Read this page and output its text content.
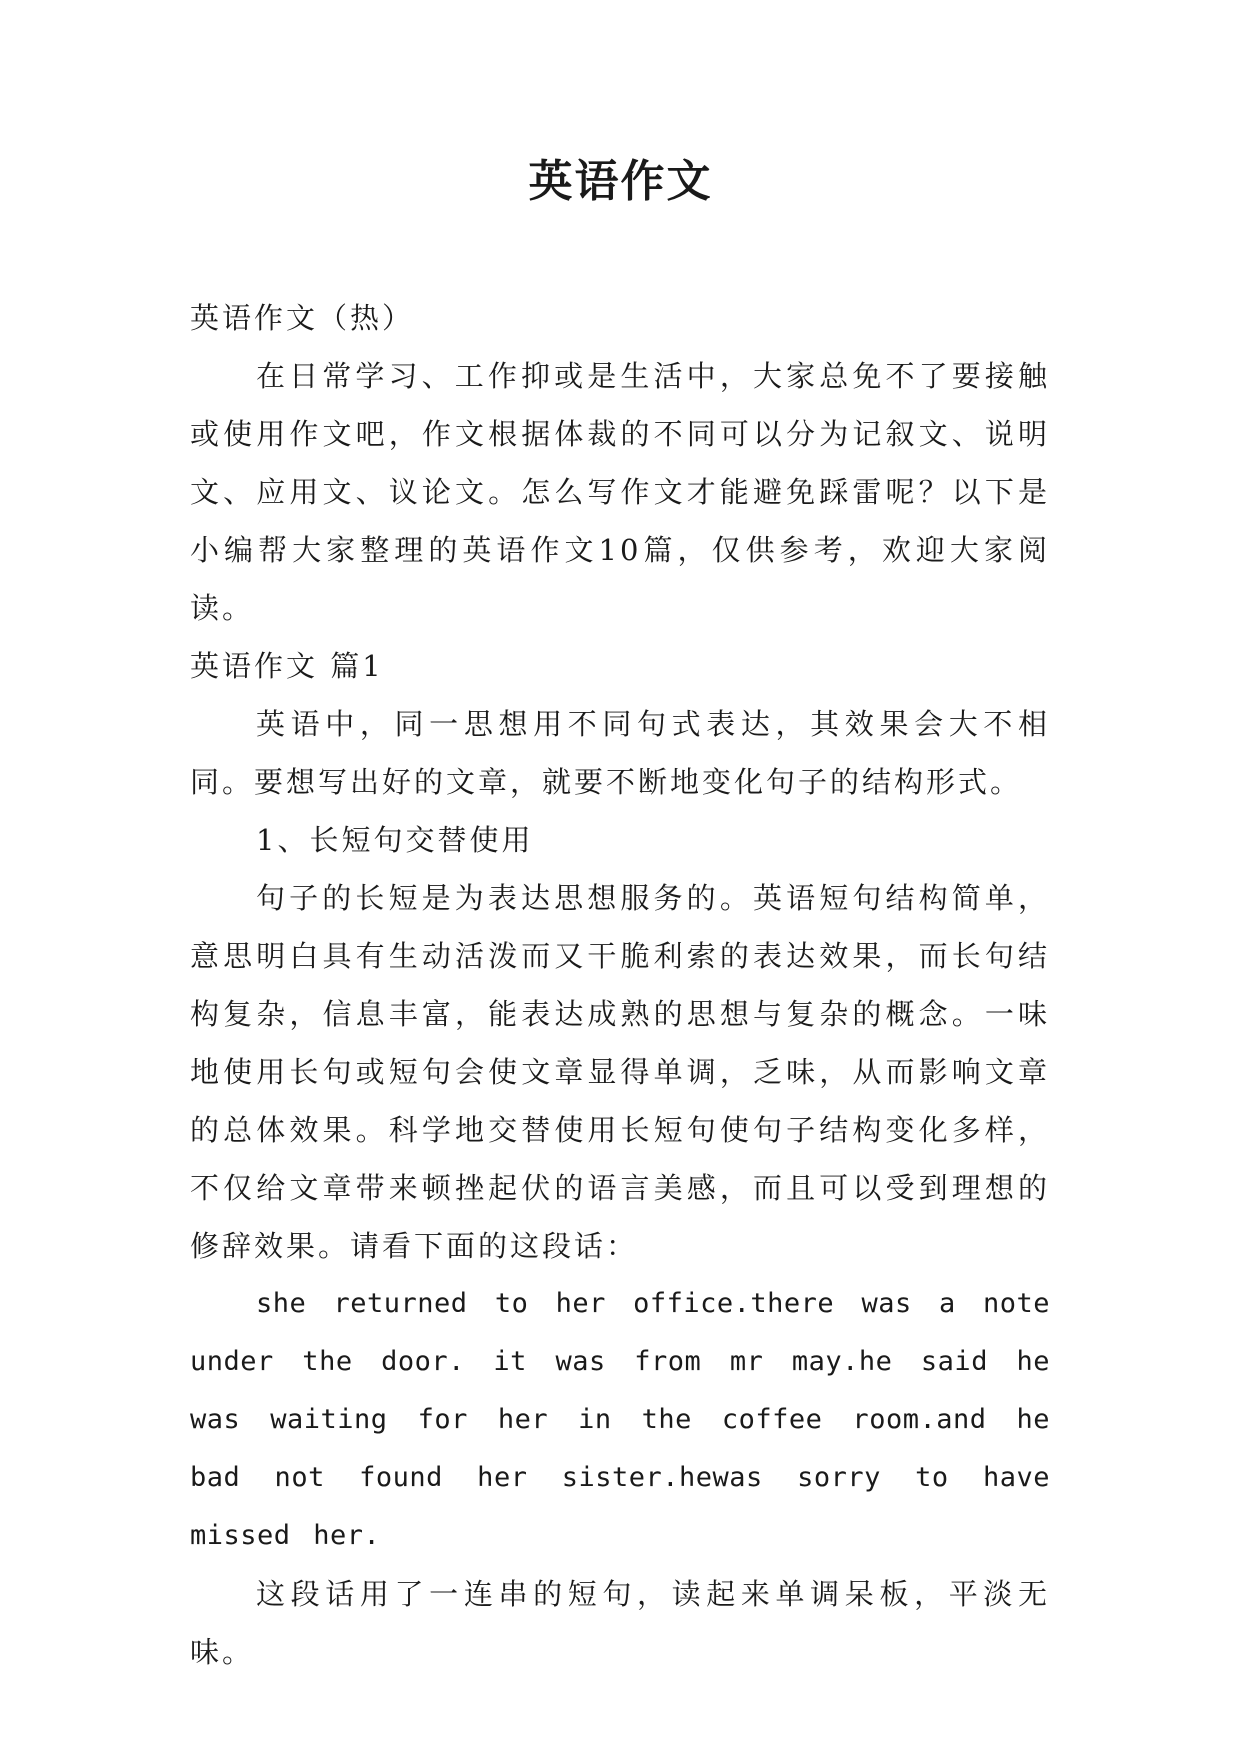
英语作文

英语作文（热）

在日常学习、工作抑或是生活中，大家总免不了要接触或使用作文吧，作文根据体裁的不同可以分为记叙文、说明文、应用文、议论文。怎么写作文才能避免踩雷呢？以下是小编帮大家整理的英语作文10篇，仅供参考，欢迎大家阅读。

英语作文 篇1

英语中，同一思想用不同句式表达，其效果会大不相同。要想写出好的文章，就要不断地变化句子的结构形式。

1、长短句交替使用

句子的长短是为表达思想服务的。英语短句结构简单，意思明白具有生动活泼而又干脆利索的表达效果，而长句结构复杂，信息丰富，能表达成熟的思想与复杂的概念。一味地使用长句或短句会使文章显得单调，乏味，从而影响文章的总体效果。科学地交替使用长短句使句子结构变化多样，不仅给文章带来顿挫起伏的语言美感，而且可以受到理想的修辞效果。请看下面的这段话：

she returned to her office.there was a note under the door. it was from mr may.he said he was waiting for her in the coffee room.and he bad not found her sister.hewas sorry to have missed her.

这段话用了一连串的短句，读起来单调呆板，平淡无味。
